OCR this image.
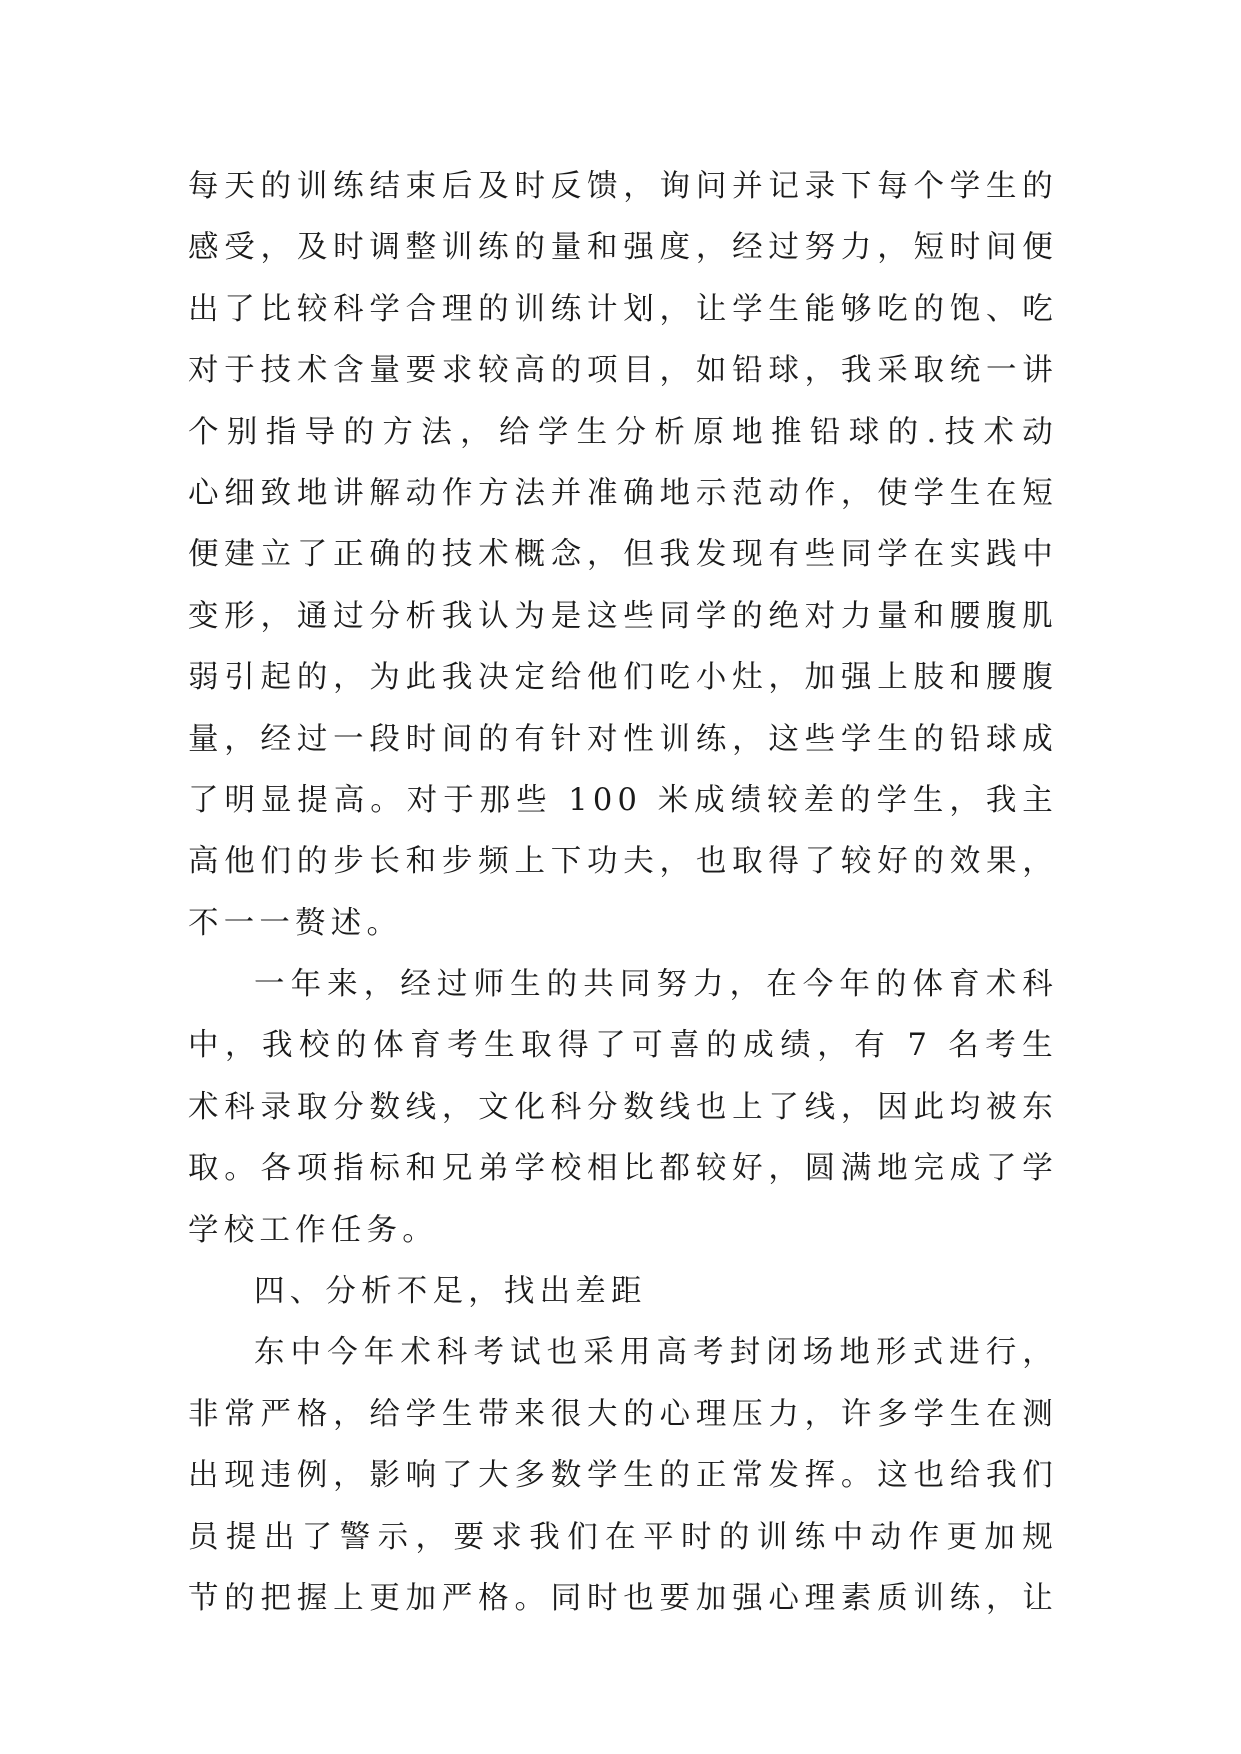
每天的训练结束后及时反馈，询问并记录下每个学生的
感受，及时调整训练的量和强度，经过努力，短时间便
出了比较科学合理的训练计划，让学生能够吃的饱、吃
对于技术含量要求较高的项目，如铅球，我采取统一讲
个别指导的方法，给学生分析原地推铅球的.技术动
心细致地讲解动作方法并准确地示范动作，使学生在短
便建立了正确的技术概念，但我发现有些同学在实践中
变形，通过分析我认为是这些同学的绝对力量和腰腹肌
弱引起的，为此我决定给他们吃小灶，加强上肢和腰腹
量，经过一段时间的有针对性训练，这些学生的铅球成
了明显提高。对于那些 100 米成绩较差的学生，我主
高他们的步长和步频上下功夫，也取得了较好的效果，
不一一赘述。
一年来，经过师生的共同努力，在今年的体育术科
中，我校的体育考生取得了可喜的成绩，有 7 名考生
术科录取分数线，文化科分数线也上了线，因此均被东
取。各项指标和兄弟学校相比都较好，圆满地完成了学
学校工作任务。
四、分析不足，找出差距
东中今年术科考试也采用高考封闭场地形式进行，
非常严格，给学生带来很大的心理压力，许多学生在测
出现违例，影响了大多数学生的正常发挥。这也给我们
员提出了警示，要求我们在平时的训练中动作更加规
节的把握上更加严格。同时也要加强心理素质训练，让
